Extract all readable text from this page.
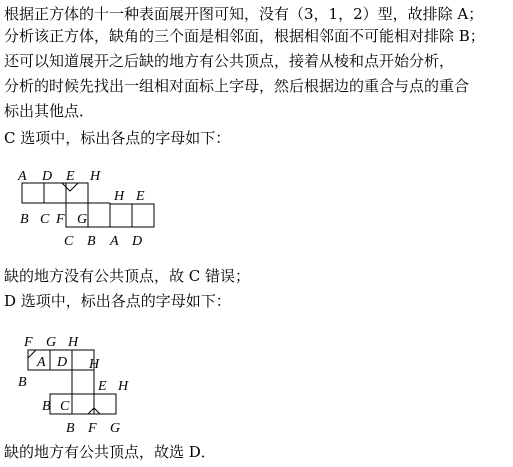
根据正方体的十一种表面展开图可知，没有（3，1，2）型，故排除 A；
分析该正方体，缺角的三个面是相邻面，根据相邻面不可能相对排除 B；
还可以知道展开之后缺的地方有公共顶点，接着从棱和点开始分析，
分析的时候先找出一组相对面标上字母，然后根据边的重合与点的重合
标出其他点．
C 选项中，标出各点的字母如下：
A D E H
H E
B C F G
C B A D
缺的地方没有公共顶点，故 C 错误；
D 选项中，标出各点的字母如下：
F G H
A D H
B	E H
B C
B F G
缺的地方有公共顶点，故选 D．
